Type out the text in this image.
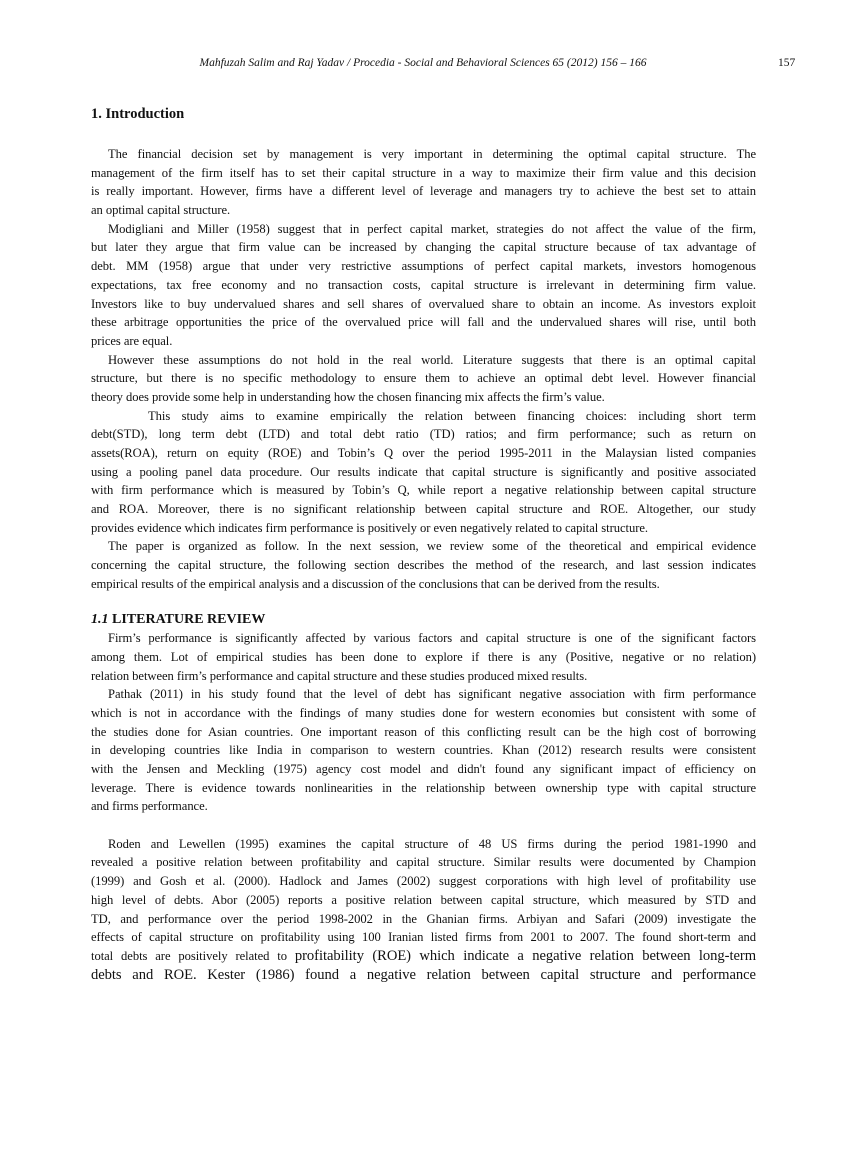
Mahfuzah Salim and Raj Yadav / Procedia - Social and Behavioral Sciences 65 (2012) 156 – 166	157
1. Introduction
The financial decision set by management is very important in determining the optimal capital structure. The
management of the firm itself has to set their capital structure in a way to maximize their firm value and this decision
is really important. However, firms have a different level of leverage and managers try to achieve the best set to attain
an optimal capital structure.
Modigliani and Miller (1958) suggest that in perfect capital market, strategies do not affect the value of the firm,
but later they argue that firm value can be increased by changing the capital structure because of tax advantage of
debt. MM (1958) argue that under very restrictive assumptions of perfect capital markets, investors homogenous
expectations, tax free economy and no transaction costs, capital structure is irrelevant in determining firm value.
Investors like to buy undervalued shares and sell shares of overvalued share to obtain an income. As investors exploit
these arbitrage opportunities the price of the overvalued price will fall and the undervalued shares will rise, until both
prices are equal.
However these assumptions do not hold in the real world. Literature suggests that there is an optimal capital
structure, but there is no specific methodology to ensure them to achieve an optimal debt level. However financial
theory does provide some help in understanding how the chosen financing mix affects the firm’s value.
This study aims to examine empirically the relation between financing choices: including short term
debt(STD), long term debt (LTD) and total debt ratio (TD) ratios; and firm performance; such as return on
assets(ROA), return on equity (ROE) and Tobin’s Q over the period 1995-2011 in the Malaysian listed companies
using a pooling panel data procedure. Our results indicate that capital structure is significantly and positive associated
with firm performance which is measured by Tobin’s Q, while report a negative relationship between capital structure
and ROA. Moreover, there is no significant relationship between capital structure and ROE. Altogether, our study
provides evidence which indicates firm performance is positively or even negatively related to capital structure.
The paper is organized as follow. In the next session, we review some of the theoretical and empirical evidence
concerning the capital structure, the following section describes the method of the research, and last session indicates
empirical results of the empirical analysis and a discussion of the conclusions that can be derived from the results.
1.1 LITERATURE REVIEW
Firm’s performance is significantly affected by various factors and capital structure is one of the significant factors
among them. Lot of empirical studies has been done to explore if there is any (Positive, negative or no relation)
relation between firm’s performance and capital structure and these studies produced mixed results.
Pathak (2011) in his study found that the level of debt has significant negative association with firm performance
which is not in accordance with the findings of many studies done for western economies but consistent with some of
the studies done for Asian countries. One important reason of this conflicting result can be the high cost of borrowing
in developing countries like India in comparison to western countries. Khan (2012) research results were consistent
with the Jensen and Meckling (1975) agency cost model and didn't found any significant impact of efficiency on
leverage. There is evidence towards nonlinearities in the relationship between ownership type with capital structure
and firms performance.
Roden and Lewellen (1995) examines the capital structure of 48 US firms during the period 1981-1990 and
revealed a positive relation between profitability and capital structure. Similar results were documented by Champion
(1999) and Gosh et al. (2000). Hadlock and James (2002) suggest corporations with high level of profitability use
high level of debts. Abor (2005) reports a positive relation between capital structure, which measured by STD and
TD, and performance over the period 1998-2002 in the Ghanian firms. Arbiyan and Safari (2009) investigate the
effects of capital structure on profitability using 100 Iranian listed firms from 2001 to 2007. The found short-term and
total debts are positively related to profitability (ROE) which indicate a negative relation between long-term
debts and ROE. Kester (1986) found a negative relation between capital structure and performance
